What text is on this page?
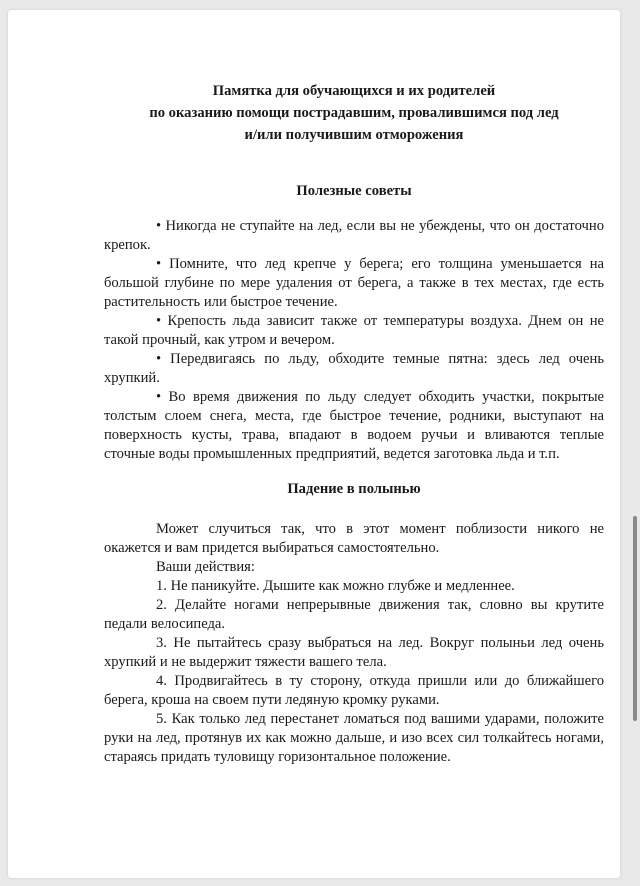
Памятка для обучающихся и их родителей
по оказанию помощи пострадавшим, провалившимся под лед
и/или получившим отморожения
Полезные советы

• Никогда не ступайте на лед, если вы не убеждены, что он достаточно крепок.

• Помните, что лед крепче у берега; его толщина уменьшается на большой глубине по мере удаления от берега, а также в тех местах, где есть растительность или быстрое течение.

• Крепость льда зависит также от температуры воздуха. Днем он не такой прочный, как утром и вечером.

• Передвигаясь по льду, обходите темные пятна: здесь лед очень хрупкий.

• Во время движения по льду следует обходить участки, покрытые толстым слоем снега, места, где быстрое течение, родники, выступают на поверхность кусты, трава, впадают в водоем ручьи и вливаются теплые сточные воды промышленных предприятий, ведется заготовка льда и т.п.

Падение в полынью

Может случиться так, что в этот момент поблизости никого не окажется и вам придется выбираться самостоятельно.

Ваши действия:

1. Не паникуйте. Дышите как можно глубже и медленнее.

2. Делайте ногами непрерывные движения так, словно вы крутите педали велосипеда.

3. Не пытайтесь сразу выбраться на лед. Вокруг полыньи лед очень хрупкий и не выдержит тяжести вашего тела.

4. Продвигайтесь в ту сторону, откуда пришли или до ближайшего берега, кроша на своем пути ледяную кромку руками.

5. Как только лед перестанет ломаться под вашими ударами, положите руки на лед, протянув их как можно дальше, и изо всех сил толкайтесь ногами, стараясь придать туловищу горизонтальное положение.
